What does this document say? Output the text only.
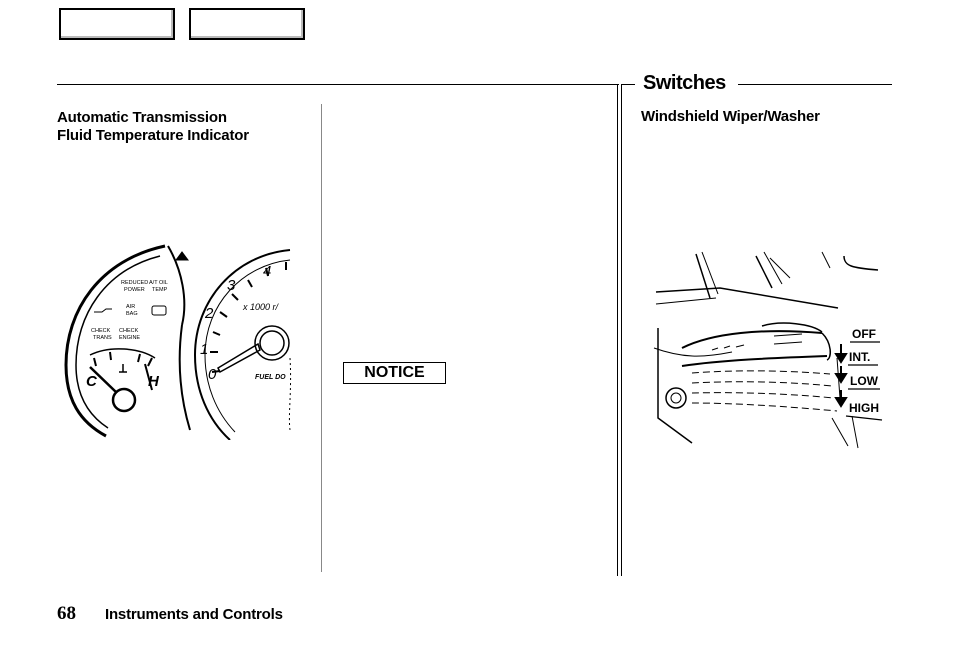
Switches
Automatic Transmission
Fluid Temperature Indicator
Windshield Wiper/Washer
NOTICE
C	H
REDUCED
POWER
A/T OIL
TEMP
AIR
BAG
CHECK
TRANS
CHECK
ENGINE
0
1
2
3
4
x 1000 r/
FUEL DO
OFF
INT.
LOW
HIGH
68 Instruments and Controls
